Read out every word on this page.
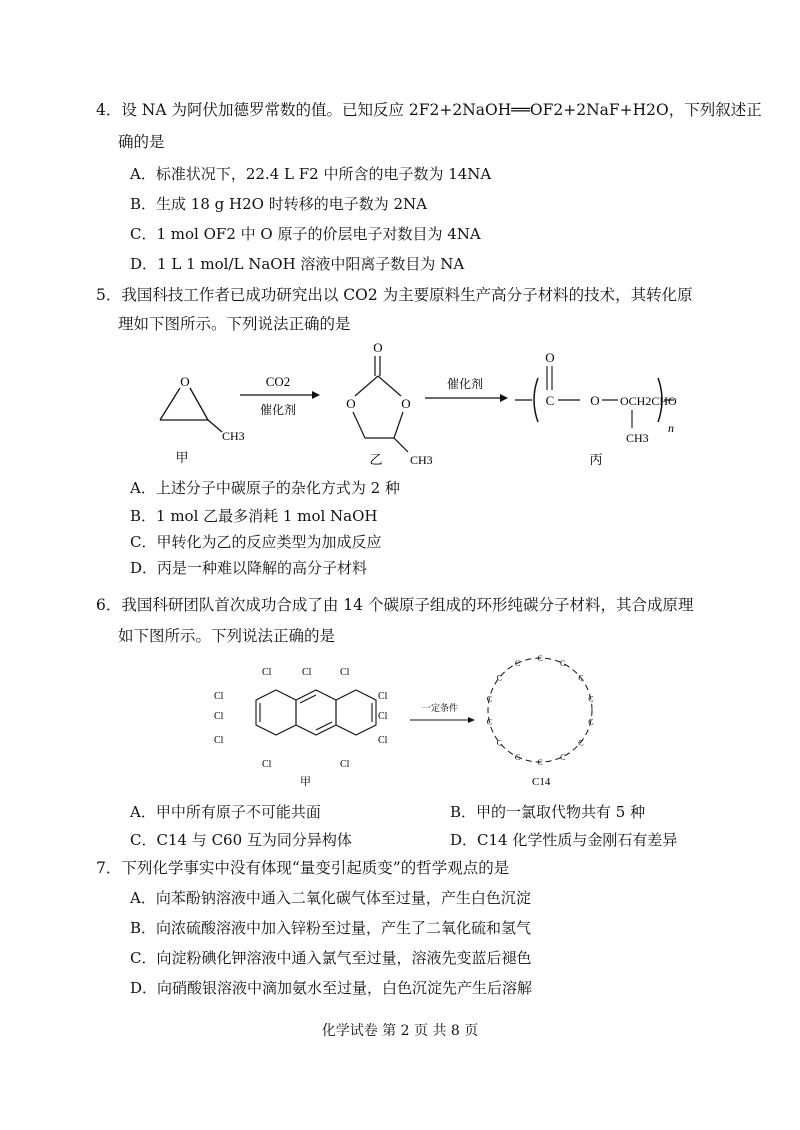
4．设 NA 为阿伏加德罗常数的值。已知反应 2F2+2NaOH══OF2+2NaF+H2O，下列叙述正
确的是
A．标准状况下，22.4 L F2 中所含的电子数为 14NA
B．生成 18 g H2O 时转移的电子数为 2NA
C．1 mol OF2 中 O 原子的价层电子对数目为 4NA
D．1 L 1 mol/L NaOH 溶液中阳离子数目为 NA
5．我国科技工作者已成功研究出以 CO2 为主要原料生产高分子材料的技术，其转化原
理如下图所示。下列说法正确的是
O
CH3
甲
CO2
催化剂
O
O	O
CH3
乙
催化剂
C
O
O OCH2CHO
CH3
n
丙
A．上述分子中碳原子的杂化方式为 2 种
B．1 mol 乙最多消耗 1 mol NaOH
C．甲转化为乙的反应类型为加成反应
D．丙是一种难以降解的高分子材料
6．我国科研团队首次成功合成了由 14 个碳原子组成的环形纯碳分子材料，其合成原理
如下图所示。下列说法正确的是
Cl	Cl	Cl
Cl
Cl
Cl
Cl
Cl
Cl
Cl	Cl
甲
一定条件
C
C
C
C
C
C
C
C
C
C
C
C
C
C
C14
A．甲中所有原子不可能共面	B．甲的一氯取代物共有 5 种
C．C14 与 C60 互为同分异构体	D．C14 化学性质与金刚石有差异
7．下列化学事实中没有体现“量变引起质变”的哲学观点的是
A．向苯酚钠溶液中通入二氧化碳气体至过量，产生白色沉淀
B．向浓硫酸溶液中加入锌粉至过量，产生了二氧化硫和氢气
C．向淀粉碘化钾溶液中通入氯气至过量，溶液先变蓝后褪色
D．向硝酸银溶液中滴加氨水至过量，白色沉淀先产生后溶解
化学试卷 第 2 页 共 8 页
